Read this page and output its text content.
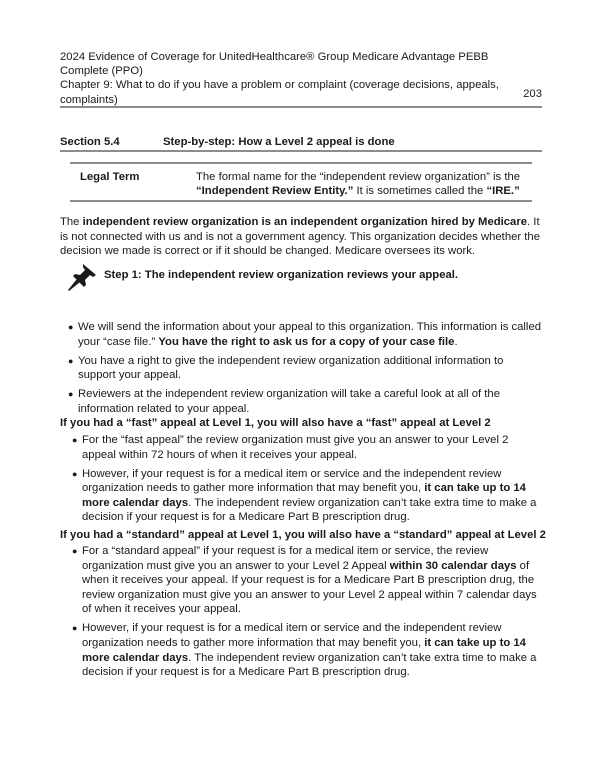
2024 Evidence of Coverage for UnitedHealthcare® Group Medicare Advantage PEBB
Complete (PPO)
Chapter 9: What to do if you have a problem or complaint (coverage decisions, appeals,
complaints)	203
Section 5.4	Step-by-step: How a Level 2 appeal is done
Legal Term	The formal name for the “independent review organization” is the “Independent Review Entity.” It is sometimes called the “IRE.”
The independent review organization is an independent organization hired by Medicare. It is not connected with us and is not a government agency. This organization decides whether the decision we made is correct or if it should be changed. Medicare oversees its work.
Step 1: The independent review organization reviews your appeal.
● We will send the information about your appeal to this organization. This information is called your “case file.” You have the right to ask us for a copy of your case file.
● You have a right to give the independent review organization additional information to support your appeal.
● Reviewers at the independent review organization will take a careful look at all of the information related to your appeal.
If you had a “fast” appeal at Level 1, you will also have a “fast” appeal at Level 2
● For the “fast appeal” the review organization must give you an answer to your Level 2 appeal within 72 hours of when it receives your appeal.
● However, if your request is for a medical item or service and the independent review organization needs to gather more information that may benefit you, it can take up to 14 more calendar days. The independent review organization can’t take extra time to make a decision if your request is for a Medicare Part B prescription drug.
If you had a “standard” appeal at Level 1, you will also have a “standard” appeal at Level 2
● For a “standard appeal” if your request is for a medical item or service, the review organization must give you an answer to your Level 2 Appeal within 30 calendar days of when it receives your appeal. If your request is for a Medicare Part B prescription drug, the review organization must give you an answer to your Level 2 appeal within 7 calendar days of when it receives your appeal.
● However, if your request is for a medical item or service and the independent review organization needs to gather more information that may benefit you, it can take up to 14 more calendar days. The independent review organization can’t take extra time to make a decision if your request is for a Medicare Part B prescription drug.
